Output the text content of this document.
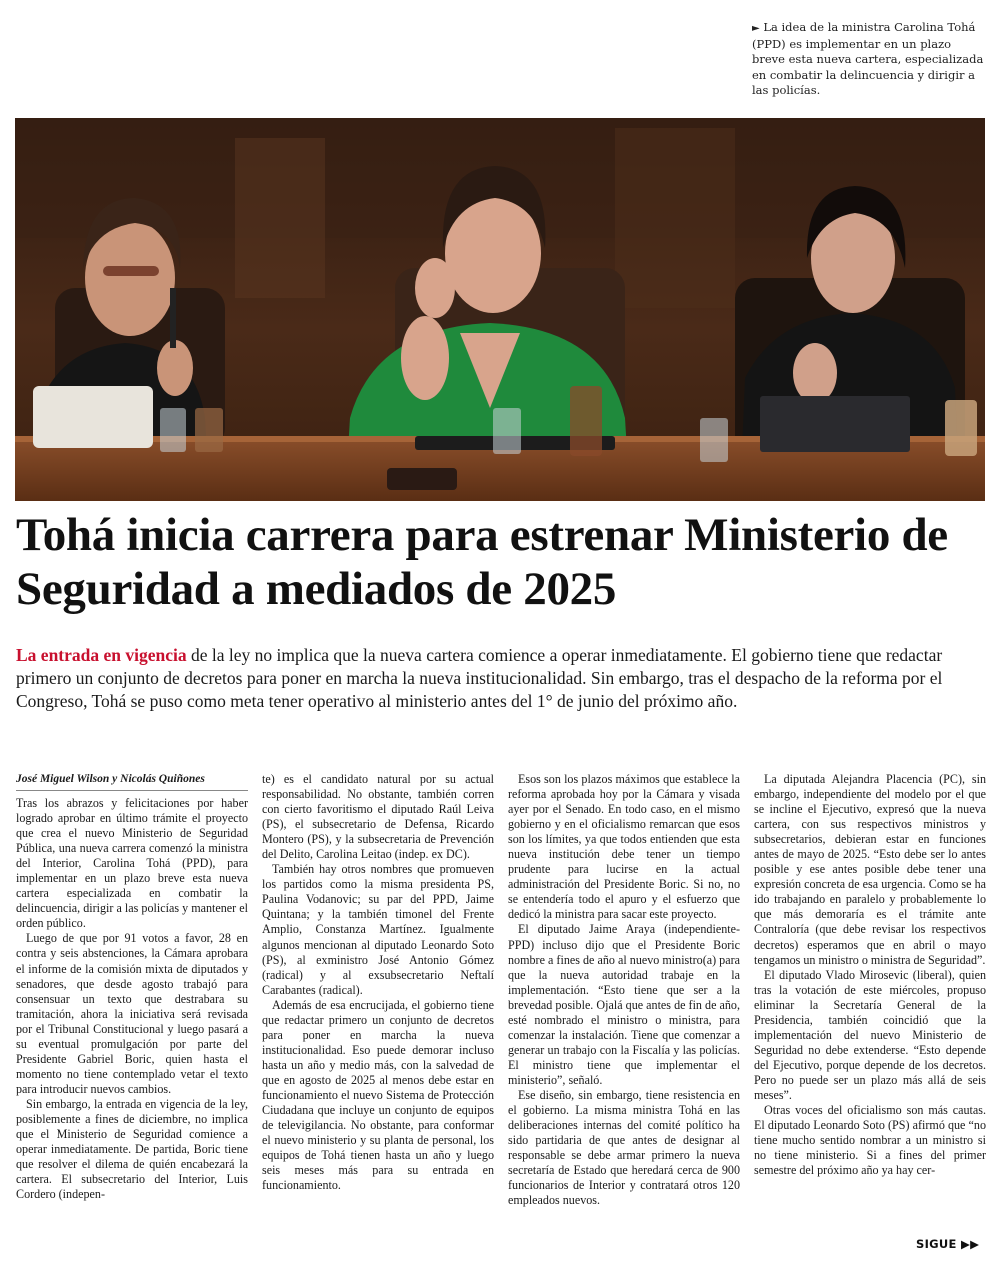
► La idea de la ministra Carolina Tohá (PPD) es implementar en un plazo breve esta nueva cartera, especializada en combatir la delincuencia y dirigir a las policías.
Tohá inicia carrera para estrenar Ministerio de Seguridad a mediados de 2025

La entrada en vigencia de la ley no implica que la nueva cartera comience a operar inmediatamente. El gobierno tiene que redactar primero un conjunto de decretos para poner en marcha la nueva institucionalidad. Sin embargo, tras el despacho de la reforma por el Congreso, Tohá se puso como meta tener operativo al ministerio antes del 1° de junio del próximo año.

José Miguel Wilson y Nicolás Quiñones

Tras los abrazos y felicitaciones por haber logrado aprobar en último trámite el proyecto que crea el nuevo Ministerio de Seguridad Pública, una nueva carrera comenzó la ministra del Interior, Carolina Tohá (PPD), para implementar en un plazo breve esta nueva cartera especializada en combatir la delincuencia, dirigir a las policías y mantener el orden público.

Luego de que por 91 votos a favor, 28 en contra y seis abstenciones, la Cámara aprobara el informe de la comisión mixta de diputados y senadores, que desde agosto trabajó para consensuar un texto que destrabara su tramitación, ahora la iniciativa será revisada por el Tribunal Constitucional y luego pasará a su eventual promulgación por parte del Presidente Gabriel Boric, quien hasta el momento no tiene contemplado vetar el texto para introducir nuevos cambios.

Sin embargo, la entrada en vigencia de la ley, posiblemente a fines de diciembre, no implica que el Ministerio de Seguridad comience a operar inmediatamente. De partida, Boric tiene que resolver el dilema de quién encabezará la cartera. El subsecretario del Interior, Luis Cordero (indepen-

te) es el candidato natural por su actual responsabilidad. No obstante, también corren con cierto favoritismo el diputado Raúl Leiva (PS), el subsecretario de Defensa, Ricardo Montero (PS), y la subsecretaria de Prevención del Delito, Carolina Leitao (indep. ex DC).

También hay otros nombres que promueven los partidos como la misma presidenta PS, Paulina Vodanovic; su par del PPD, Jaime Quintana; y la también timonel del Frente Amplio, Constanza Martínez. Igualmente algunos mencionan al diputado Leonardo Soto (PS), al exministro José Antonio Gómez (radical) y al exsubsecretario Neftalí Carabantes (radical).

Además de esa encrucijada, el gobierno tiene que redactar primero un conjunto de decretos para poner en marcha la nueva institucionalidad. Eso puede demorar incluso hasta un año y medio más, con la salvedad de que en agosto de 2025 al menos debe estar en funcionamiento el nuevo Sistema de Protección Ciudadana que incluye un conjunto de equipos de televigilancia. No obstante, para conformar el nuevo ministerio y su planta de personal, los equipos de Tohá tienen hasta un año y luego seis meses más para su entrada en funcionamiento.

Esos son los plazos máximos que establece la reforma aprobada hoy por la Cámara y visada ayer por el Senado. En todo caso, en el mismo gobierno y en el oficialismo remarcan que esos son los límites, ya que todos entienden que esta nueva institución debe tener un tiempo prudente para lucirse en la actual administración del Presidente Boric. Si no, no se entendería todo el apuro y el esfuerzo que dedicó la ministra para sacar este proyecto.

El diputado Jaime Araya (independiente-PPD) incluso dijo que el Presidente Boric nombre a fines de año al nuevo ministro(a) para que la nueva autoridad trabaje en la implementación. “Esto tiene que ser a la brevedad posible. Ojalá que antes de fin de año, esté nombrado el ministro o ministra, para comenzar la instalación. Tiene que comenzar a generar un trabajo con la Fiscalía y las policías. El ministro tiene que implementar el ministerio”, señaló.

Ese diseño, sin embargo, tiene resistencia en el gobierno. La misma ministra Tohá en las deliberaciones internas del comité político ha sido partidaria de que antes de designar al responsable se debe armar primero la nueva secretaría de Estado que heredará cerca de 900 funcionarios de Interior y contratará otros 120 empleados nuevos.

La diputada Alejandra Placencia (PC), sin embargo, independiente del modelo por el que se incline el Ejecutivo, expresó que la nueva cartera, con sus respectivos ministros y subsecretarios, debieran estar en funciones antes de mayo de 2025. “Esto debe ser lo antes posible y ese antes posible debe tener una expresión concreta de esa urgencia. Como se ha ido trabajando en paralelo y probablemente lo que más demoraría es el trámite ante Contraloría (que debe revisar los respectivos decretos) esperamos que en abril o mayo tengamos un ministro o ministra de Seguridad”.

El diputado Vlado Mirosevic (liberal), quien tras la votación de este miércoles, propuso eliminar la Secretaría General de la Presidencia, también coincidió que la implementación del nuevo Ministerio de Seguridad no debe extenderse. “Esto depende del Ejecutivo, porque depende de los decretos. Pero no puede ser un plazo más allá de seis meses”.

Otras voces del oficialismo son más cautas. El diputado Leonardo Soto (PS) afirmó que “no tiene mucho sentido nombrar a un ministro si no tiene ministerio. Si a fines del primer semestre del próximo año ya hay cer-

SIGUE ▶▶
